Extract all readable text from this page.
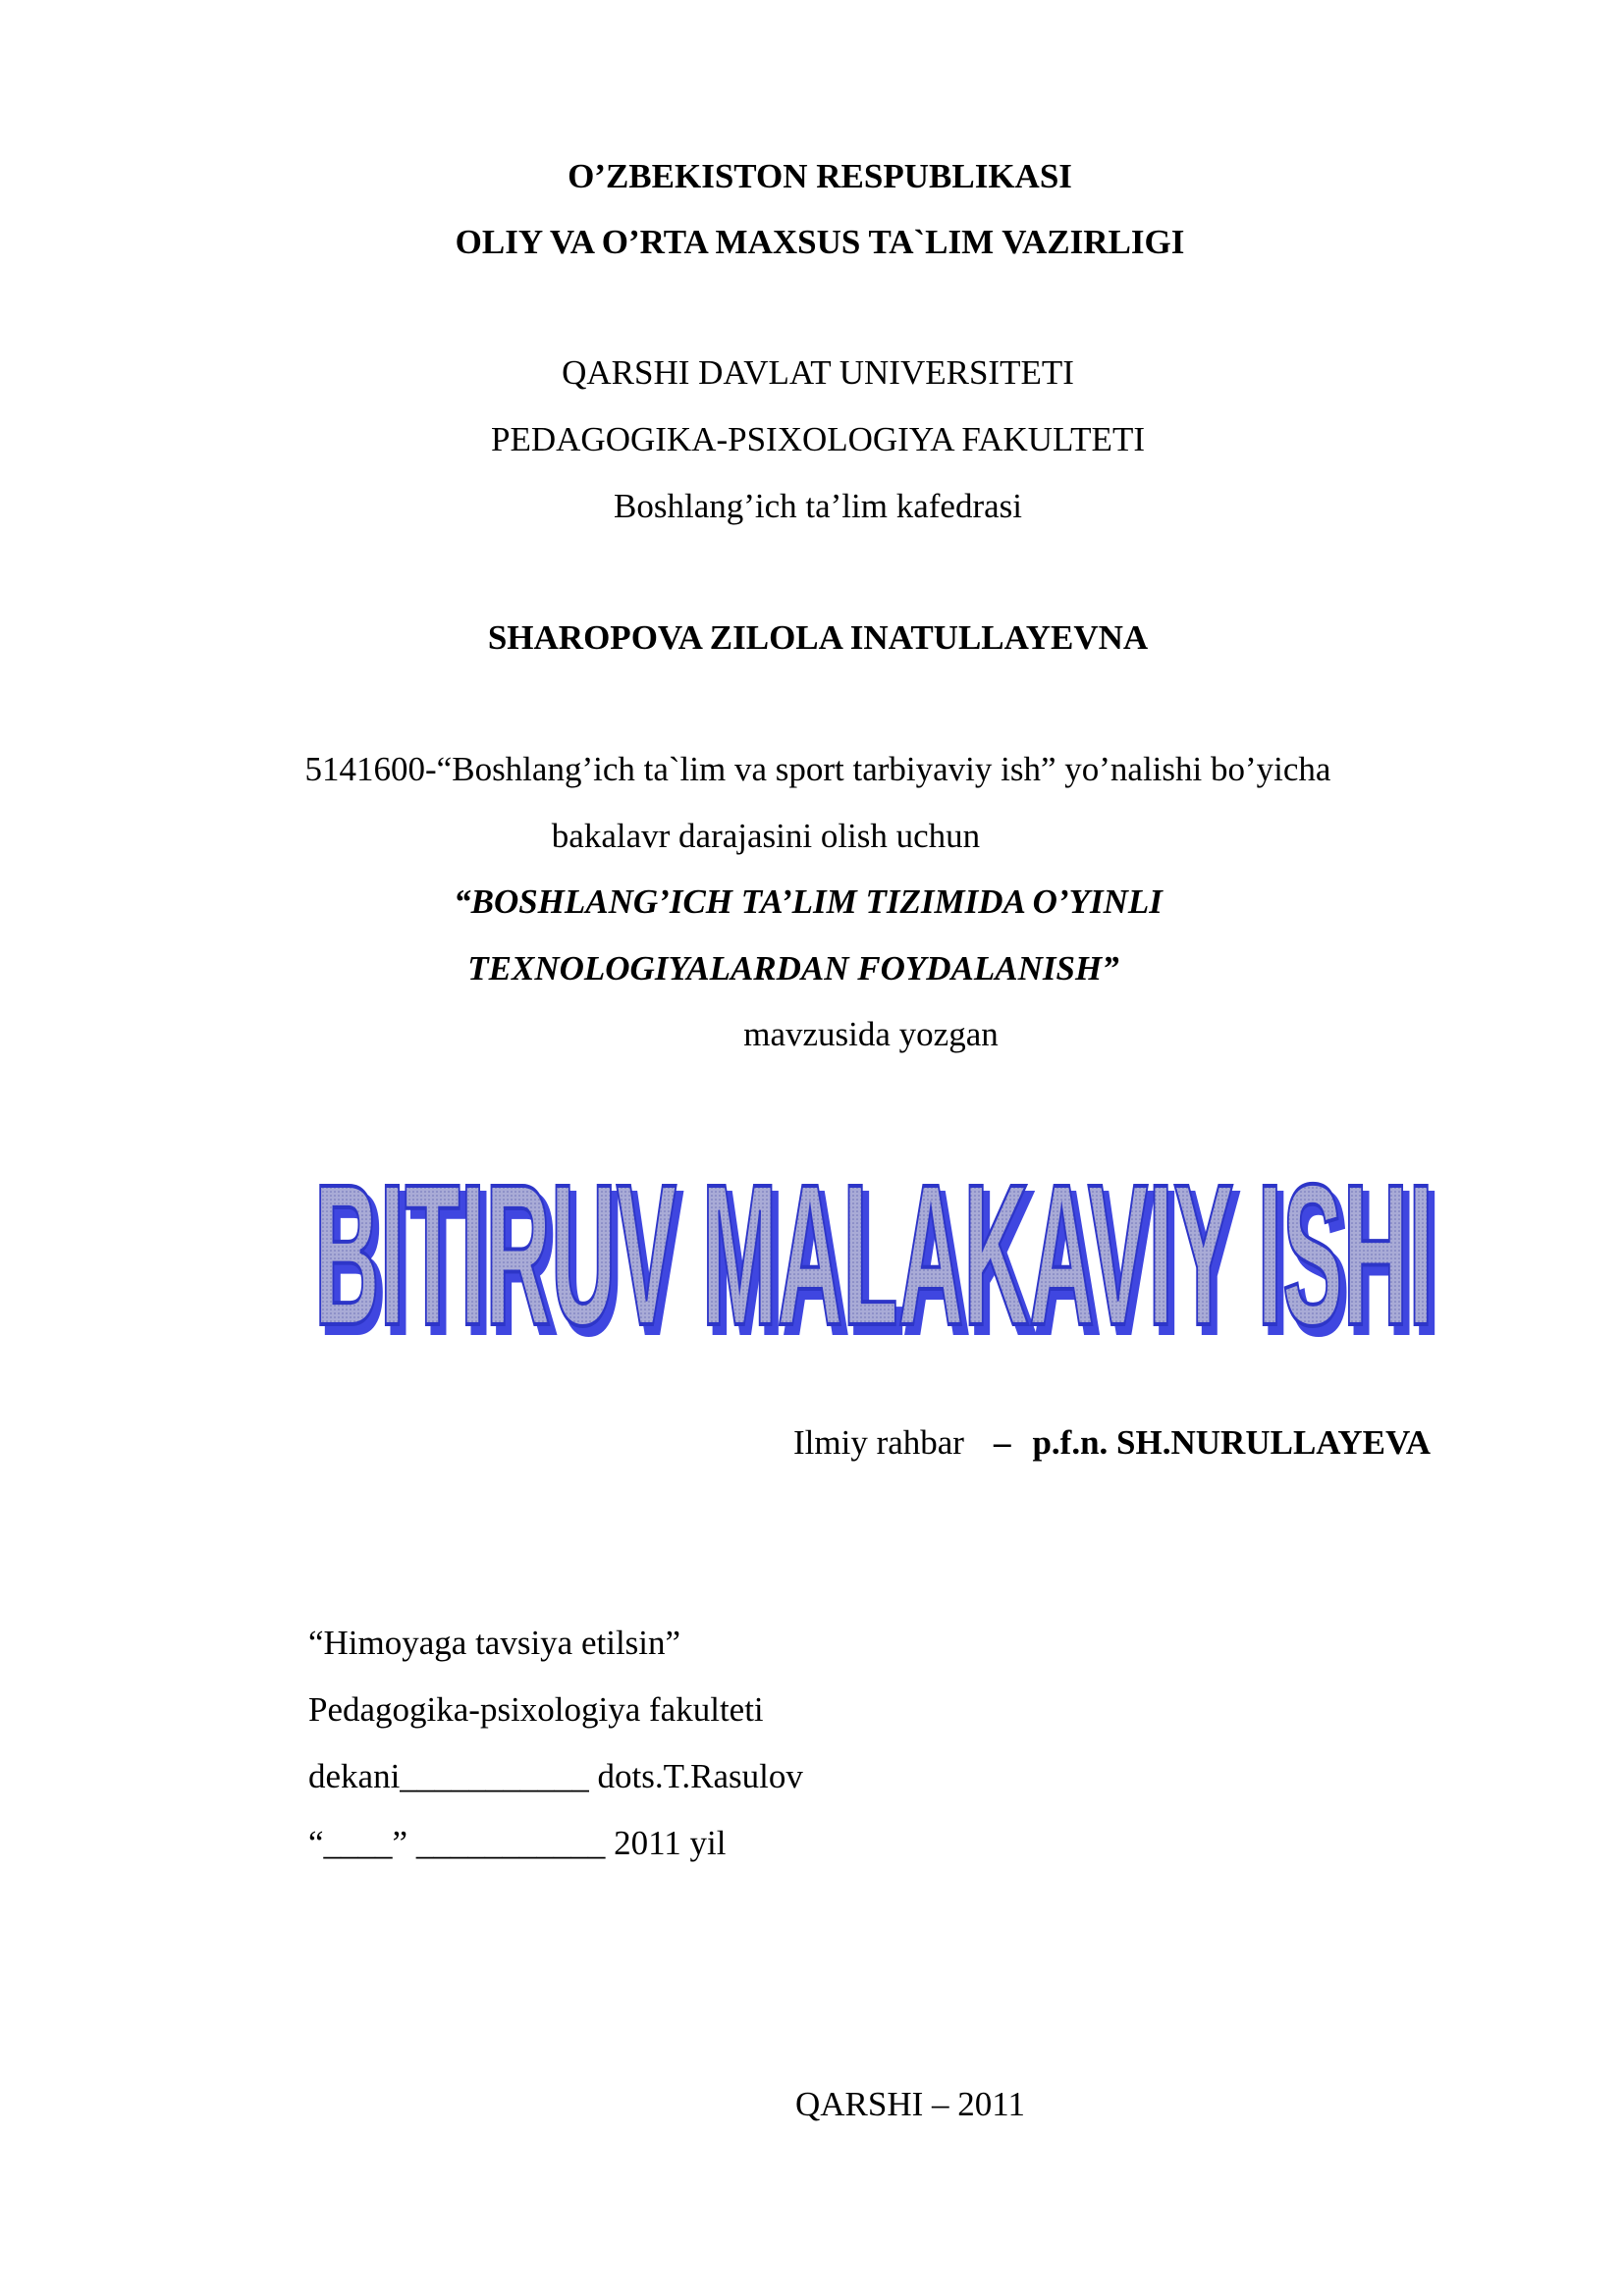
O’ZBEKISTON RESPUBLIKASI
OLIY VA O’RTA MAXSUS TA`LIM VAZIRLIGI
QARSHI DAVLAT UNIVERSITETI
PEDAGOGIKA-PSIXOLOGIYA FAKULTETI
Boshlang’ich ta’lim kafedrasi
SHAROPOVA ZILOLA INATULLAYEVNA
5141600-“Boshlang’ich ta`lim va sport tarbiyaviy ish” yo’nalishi bo’yicha
bakalavr darajasini olish uchun
“BOSHLANG’ICH TA’LIM TIZIMIDA O’YINLI
TEXNOLOGIYALARDAN FOYDALANISH”
mavzusida yozgan
BITIRUV MALAKAVIY ISHI
BITIRUV MALAKAVIY ISHI
Ilmiy rahbar – p.f.n. SH.NURULLAYEVA
“Himoyaga tavsiya etilsin”
Pedagogika-psixologiya fakulteti
dekani___________ dots.T.Rasulov
“____” ___________ 2011 yil
QARSHI – 2011
